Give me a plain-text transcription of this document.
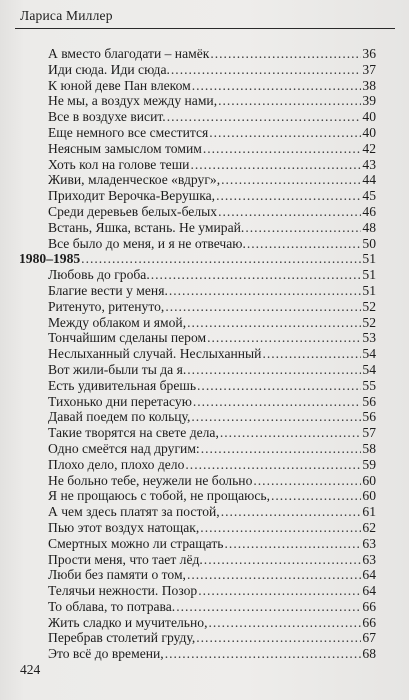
Лариса Миллер
А вместо благодати – намёк .....	36
Иди сюда. Иди сюда. .....	37
К юной деве Пан влеком .....	38
Не мы, а воздух между нами, .....	39
Все в воздухе висит. .....	40
Еще немного все сместится .....	40
Неясным замыслом томим .....	42
Хоть кол на голове теши .....	43
Живи, младенческое «вдруг», .....	44
Приходит Верочка-Верушка, .....	45
Среди деревьев белых-белых .....	46
Встань, Яшка, встань. Не умирай. .....	48
Все было до меня, и я не отвечаю. .....	50
1980–1985 .....	51
Любовь до гроба. .....	51
Благие вести у меня. .....	51
Ритенуто, ритенуто, .....	52
Между облаком и ямой, .....	52
Тончайшим сделаны пером .....	53
Неслыханный случай. Неслыханный .....	54
Вот жили-были ты да я. .....	54
Есть удивительная брешь .....	55
Тихонько дни перетасую .....	56
Давай поедем по кольцу, .....	56
Такие творятся на свете дела, .....	57
Одно смеётся над другим: .....	58
Плохо дело, плохо дело .....	59
Не больно тебе, неужели не больно .....	60
Я не прощаюсь с тобой, не прощаюсь, .....	60
А чем здесь платят за постой, .....	61
Пью этот воздух натощак, .....	62
Смертных можно ли стращать .....	63
Прости меня, что тает лёд. .....	63
Люби без памяти о том, .....	64
Телячьи нежности. Позор .....	64
То облава, то потрава. .....	66
Жить сладко и мучительно, .....	66
Перебрав столетий груду, .....	67
Это всё до времени, .....	68
424
